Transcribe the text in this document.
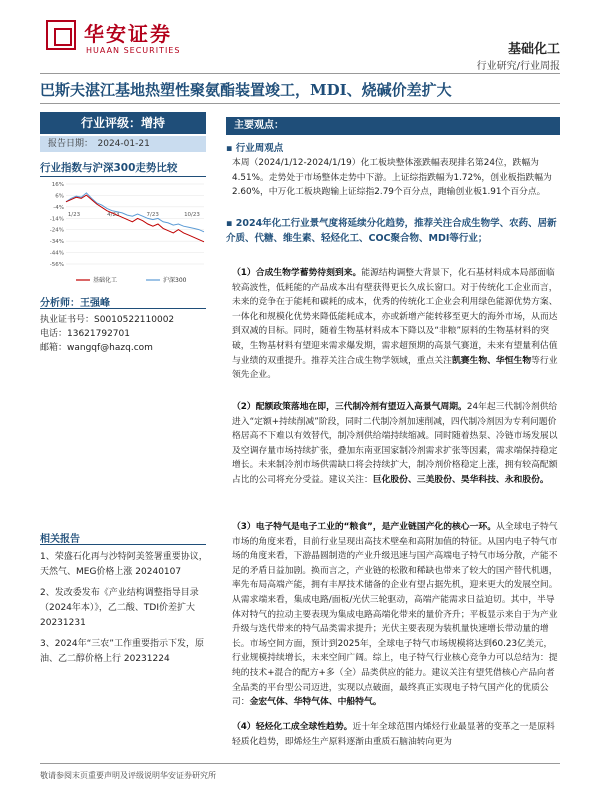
华安证券
HUAAN SECURITIES	基础化工
行业研究/行业周报
巴斯夫湛江基地热塑性聚氨酯装置竣工，MDI、烧碱价差扩大
行业评级：增持
报告日期：　2024-01-21
行业指数与沪深300走势比较
16%
6%
-4%
-14%
-24%
-34%
-44%
-56%
1/23	4/23	7/23	10/23
基础化工	沪深300
分析师：王强峰
执业证书号：S0010522110002
电话：13621792701
邮箱：wangqf@hazq.com
相关报告
1、荣盛石化再与沙特阿美签署重要协议，天然气、MEG价格上涨 20240107
2、发改委发布《产业结构调整指导目录（2024年本）》，乙二酸、TDI价差扩大 20231231
3、2024年“三农”工作重要指示下发，原油、乙二醇价格上行 20231224
主要观点：
▪ 行业周观点
本周（2024/1/12-2024/1/19）化工板块整体涨跌幅表现排名第24位，跌幅为4.51%。走势处于市场整体走势中下游。上证综指跌幅为1.72%，创业板指跌幅为2.60%，中万化工板块跑输上证综指2.79个百分点，跑输创业板1.91个百分点。
▪ 2024年化工行业景气度将延续分化趋势，推荐关注合成生物学、农药、居新介质、代糖、维生素、轻烃化工、COC聚合物、MDI等行业；
（1）合成生物学蓄势待刻到来。能源结构调整大背景下，化石基材料成本局部面临较高波性，低耗能的产品成本出有壁获得更长久成长窗口。对于传统化工企业而言，未来的竞争在于能耗和碳耗的成本，优秀的传统化工企业会利用绿色能源优势方案、一体化和规模化优势来降低能耗成本，亦或新增产能转移至更大的海外市场，从而达到双减的目标。同时，随着生物基材料成本下降以及“非粮”原料的生物基材料的突破，生物基材料有望迎来需求爆发期，需求超预期的高景气赛道，未来有望量利估值与业绩的双重提升。推荐关注合成生物学领域，重点关注凯赛生物、华恒生物等行业领先企业。
（2）配额政策落地在即，三代制冷剂有望迈入高景气周期。24年起三代制冷剂供给进入“定额+持续削减”阶段，同时二代制冷剂加速削减，四代制冷剂因为专利问题价格居高不下难以有效替代，制冷剂供给端持续缩减。同时随着热泵、冷链市场发展以及空调存量市场持续扩张，叠加东南亚国家制冷剂需求扩张等因素，需求端保持稳定增长。未来制冷剂市场供需缺口将会持续扩大，制冷剂价格稳定上涨，拥有较高配额占比的公司将充分受益。建议关注：巨化股份、三美股份、昊华科技、永和股份。
（3）电子特气是电子工业的“粮食”，是产业链国产化的核心一环。从全球电子特气市场的角度来看，目前行业呈现出高技术壁垒和高附加值的特征。从国内电子特气市场的角度来看，下游晶圆制造的产业升级迅速与国产高端电子特气市场分散，产能不足的矛盾日益加剧。换而言之，产业链的松散和稀缺也带来了较大的国产替代机遇，率先布局高端产能，拥有丰厚技术储备的企业有望占据先机，迎来更大的发展空间。从需求端来看，集成电路/面板/光伏三轮驱动，高端产能需求日益迫切。其中，半导体对特气的拉动主要表现为集成电路高端化带来的量价齐升；平板显示来自于为产业升级与迭代带来的特气品类需求提升；光伏主要表现为装机量快速增长带动量的增长。市场空间方面，预计到2025年，全球电子特气市场规模将达到60.23亿美元，行业规模持续增长，未来空间广阔。综上，电子特气行业核心竞争力可以总结为：提纯的技术+混合的配方+多（全）品类供应的能力。建议关注有望凭借核心产品向者全品类的平台型公司迈进，实现以点破面，最终真正实现电子特气国产化的优质公司：金宏气体、华特气体、中船特气。
（4）轻烃化工成全球性趋势。近十年全球范围内烯烃行业最显著的变革之一是原料轻质化趋势，即烯烃生产原料逐渐由重质石脑油转向更为
敬请参阅末页重要声明及评级说明华安证券研究所
